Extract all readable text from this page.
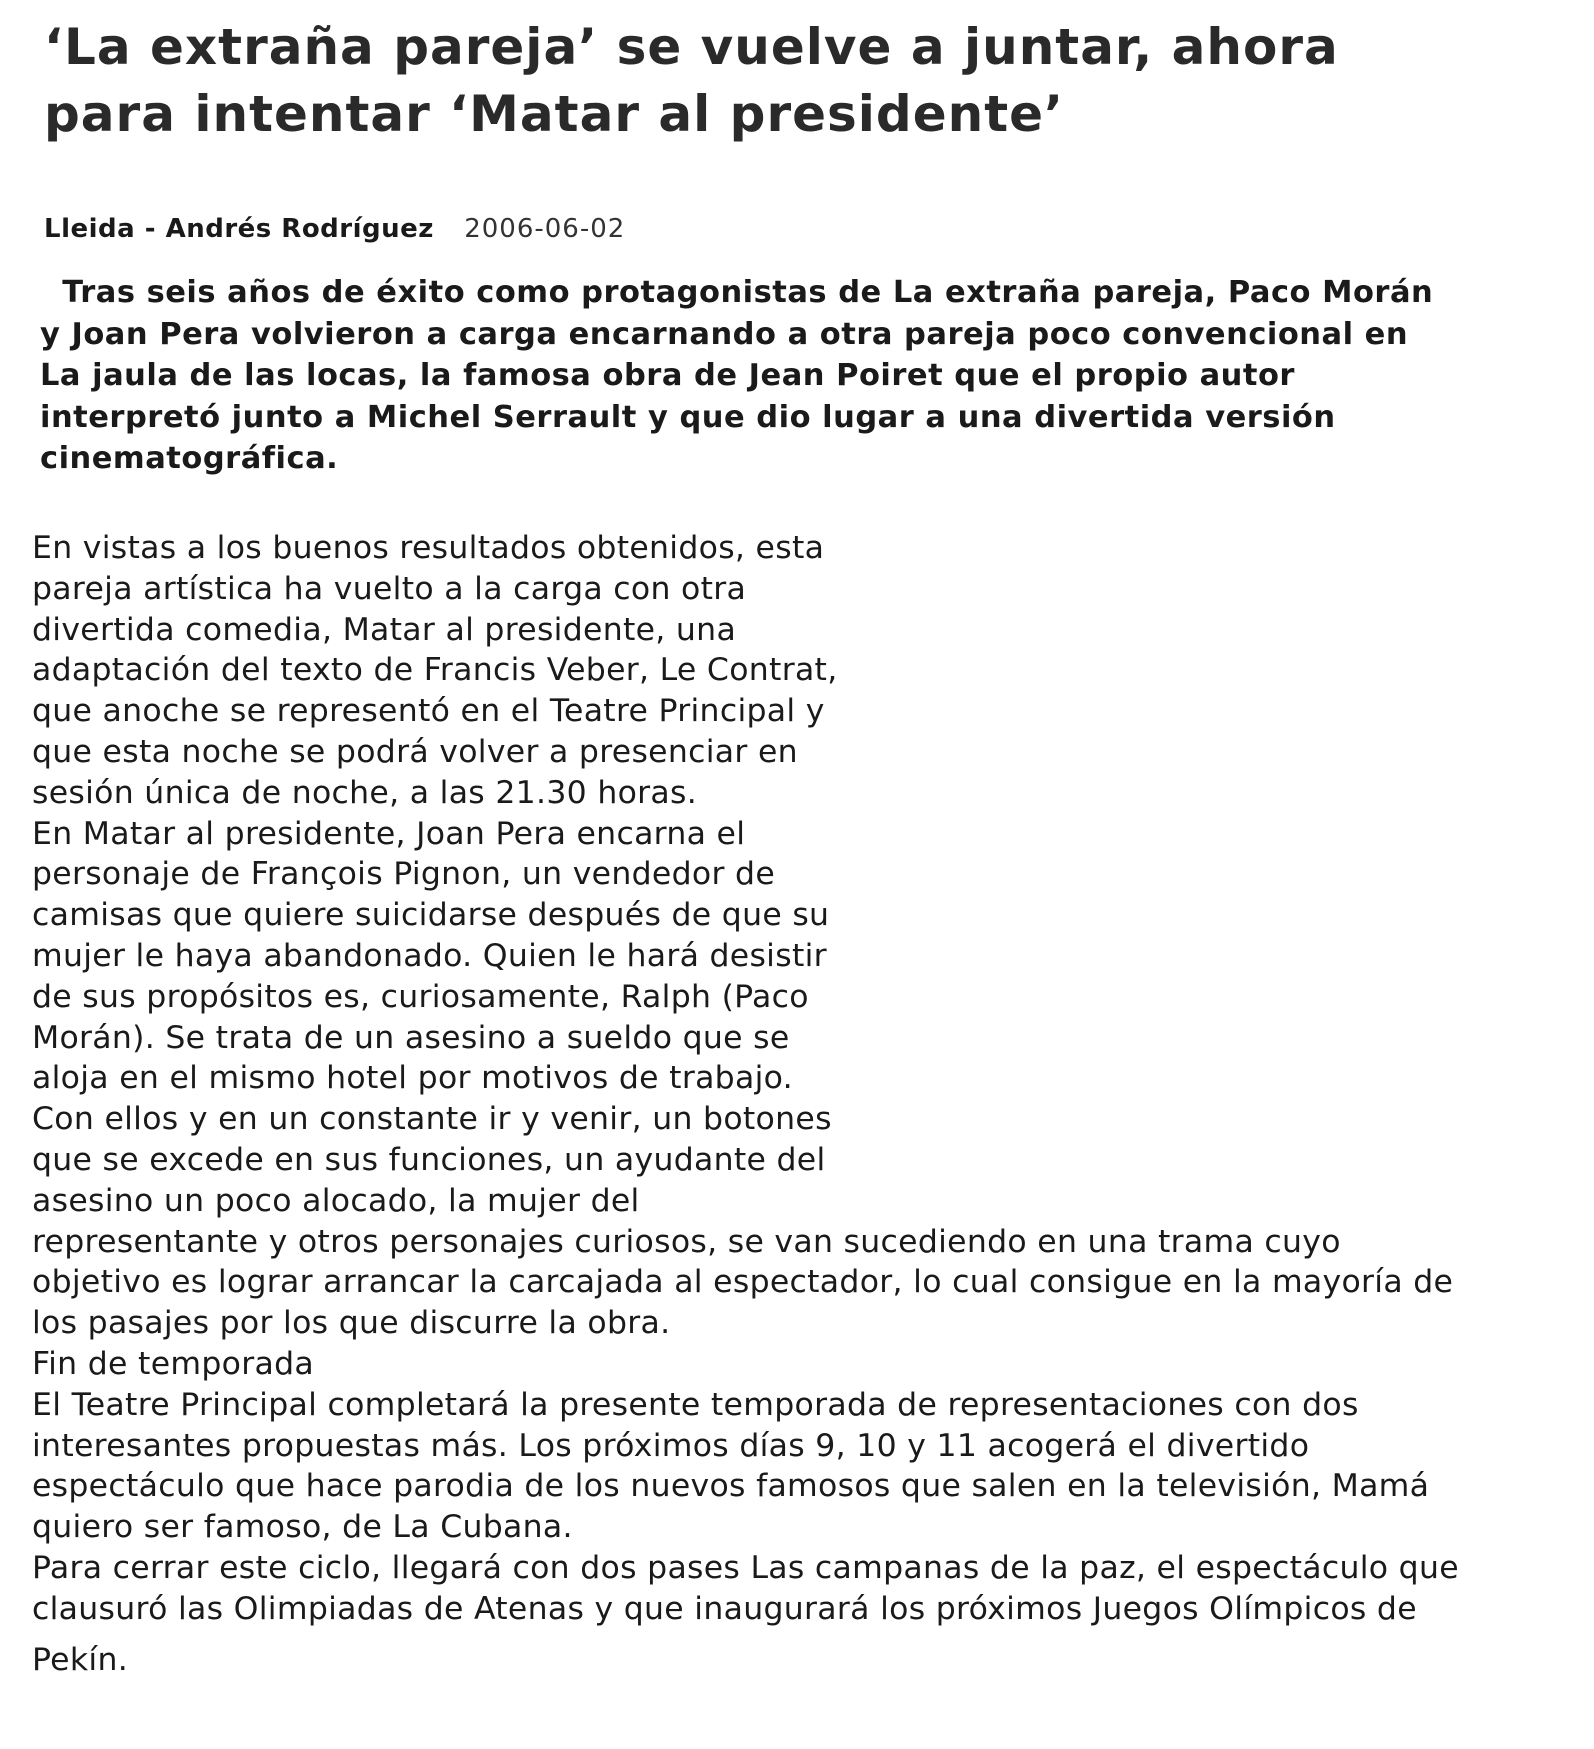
‘La extraña pareja’ se vuelve a juntar, ahora
para intentar ‘Matar al presidente’
Lleida - Andrés Rodríguez 2006-06-02
Tras seis años de éxito como protagonistas de La extraña pareja, Paco Morán
y Joan Pera volvieron a carga encarnando a otra pareja poco convencional en
La jaula de las locas, la famosa obra de Jean Poiret que el propio autor
interpretó junto a Michel Serrault y que dio lugar a una divertida versión
cinematográfica.
En vistas a los buenos resultados obtenidos, esta
pareja artística ha vuelto a la carga con otra
divertida comedia, Matar al presidente, una
adaptación del texto de Francis Veber, Le Contrat,
que anoche se representó en el Teatre Principal y
que esta noche se podrá volver a presenciar en
sesión única de noche, a las 21.30 horas.
En Matar al presidente, Joan Pera encarna el
personaje de François Pignon, un vendedor de
camisas que quiere suicidarse después de que su
mujer le haya abandonado. Quien le hará desistir
de sus propósitos es, curiosamente, Ralph (Paco
Morán). Se trata de un asesino a sueldo que se
aloja en el mismo hotel por motivos de trabajo.
Con ellos y en un constante ir y venir, un botones
que se excede en sus funciones, un ayudante del
asesino un poco alocado, la mujer del
representante y otros personajes curiosos, se van sucediendo en una trama cuyo
objetivo es lograr arrancar la carcajada al espectador, lo cual consigue en la mayoría de
los pasajes por los que discurre la obra.
Fin de temporada
El Teatre Principal completará la presente temporada de representaciones con dos
interesantes propuestas más. Los próximos días 9, 10 y 11 acogerá el divertido
espectáculo que hace parodia de los nuevos famosos que salen en la televisión, Mamá
quiero ser famoso, de La Cubana.
Para cerrar este ciclo, llegará con dos pases Las campanas de la paz, el espectáculo que
clausuró las Olimpiadas de Atenas y que inaugurará los próximos Juegos Olímpicos de
Pekín.
